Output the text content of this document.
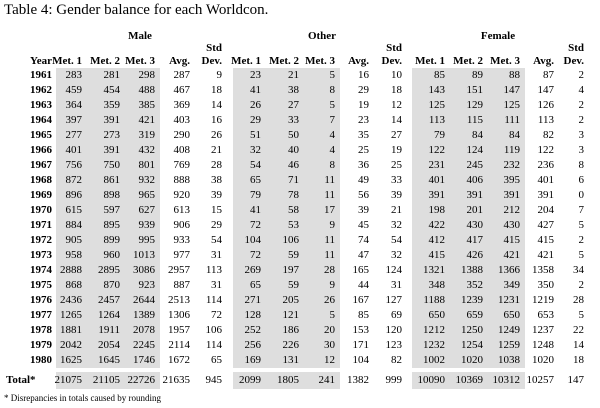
Table 4: Gender balance for each Worldcon.
Male	Other	Female
Std	Std	Std
Year Met. 1 Met. 2 Met. 3 Avg. Dev. Met. 1 Met. 2 Met. 3 Avg. Dev. Met. 1 Met. 2 Met. 3 Avg. Dev.
1961 283 281 298 287 9	23 21	5 16 10	85 89 88 87 2
1962 459 454 488 467 18	41 38	8 29 18 143 151 147 147 4
1963 364 359 385 369 14	26 27	5 19 12 125 129 125 126 2
1964 397 391 421 403 16	29 33	7 23 14 113 115 111 113 2
1965 277 273 319 290 26	51 50	4 35 27	79 84 84 82 3
1966 401 391 432 408 21	32 40	4 25 19 122 124 119 122 3
1967 756 750 801 769 28	54 46	8 36 25 231 245 232 236 8
1968 872 861 932 888 38	65 71 11 49 33 401 406 395 401 6
1969 896 898 965 920 39	79 78 11 56 39 391 391 391 391 0
1970 615 597 627 613 15	41 58 17 39 21 198 201 212 204 7
1971 884 895 939 906 29	72 53	9 45 32 422 430 430 427 5
1972 905 899 995 933 54 104 106 11 74 54 412 417 415 415 2
1973 958 960 1013 977 31	72 59 11 47 32 415 426 421 421 5
1974 2888 2895 3086 2957 113 269 197 28 165 124 1321 1388 1366 1358 34
1975 868 870 923 887 31	65 59	9 44 31 348 352 349 350 2
1976 2436 2457 2644 2513 114 271 205 26 167 127 1188 1239 1231 1219 28
1977 1265 1264 1389 1306 72 128 121	5 85 69 650 659 650 653 5
1978 1881 1911 2078 1957 106 252 186 20 153 120 1212 1250 1249 1237 22
1979 2042 2054 2245 2114 114 256 226 30 171 123 1232 1254 1259 1248 14
1980 1625 1645 1746 1672 65 169 131 12 104 82 1002 1020 1038 1020 18
Total* 21075 21105 22726 21635 945 2099 1805 241 1382 999 10090 10369 10312 10257 147
* Disrepancies in totals caused by rounding
